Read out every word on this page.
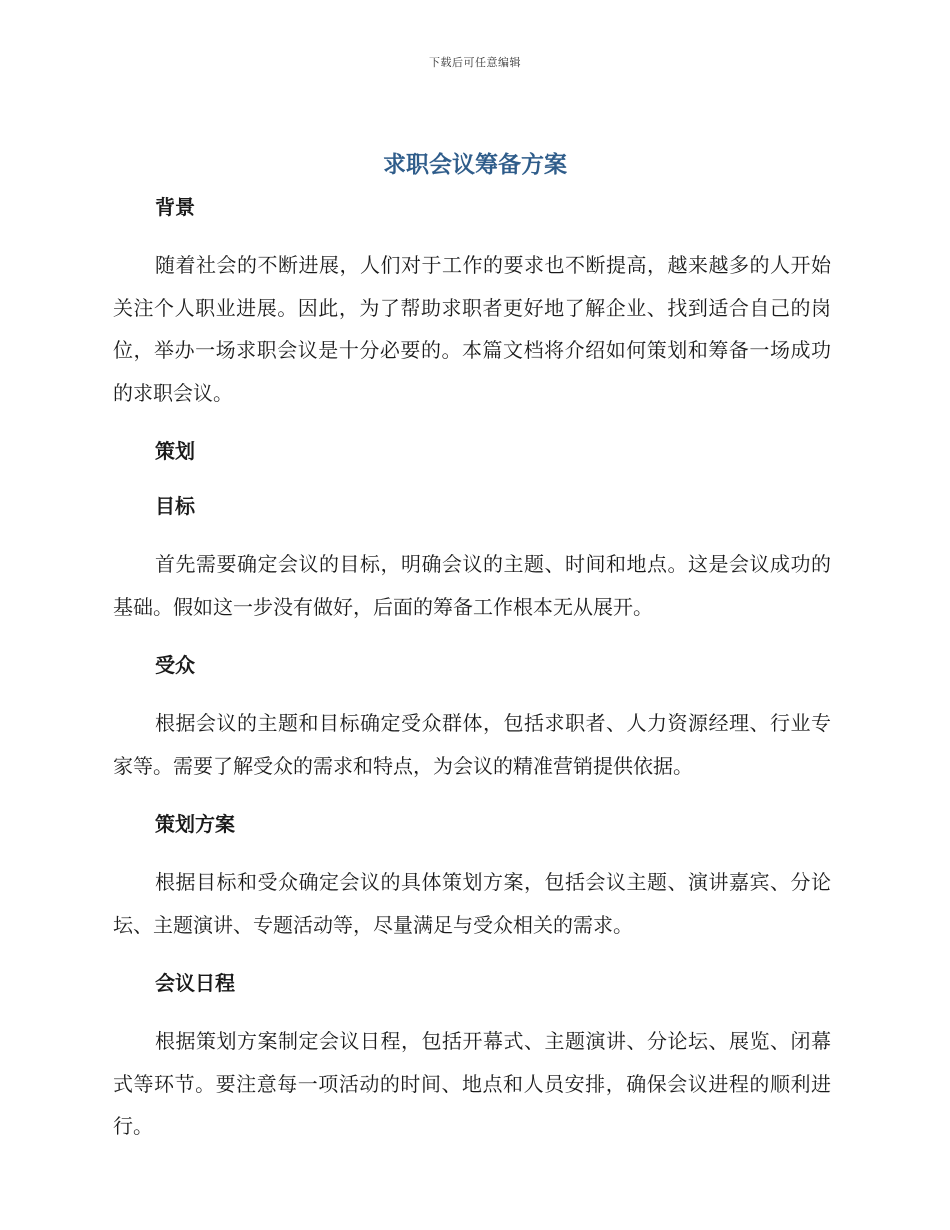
下载后可任意编辑
求职会议筹备方案
背景

随着社会的不断进展，人们对于工作的要求也不断提高，越来越多的人开始关注个人职业进展。因此，为了帮助求职者更好地了解企业、找到适合自己的岗位，举办一场求职会议是十分必要的。本篇文档将介绍如何策划和筹备一场成功的求职会议。

策划
目标

首先需要确定会议的目标，明确会议的主题、时间和地点。这是会议成功的基础。假如这一步没有做好，后面的筹备工作根本无从展开。

受众

根据会议的主题和目标确定受众群体，包括求职者、人力资源经理、行业专家等。需要了解受众的需求和特点，为会议的精准营销提供依据。

策划方案

根据目标和受众确定会议的具体策划方案，包括会议主题、演讲嘉宾、分论坛、主题演讲、专题活动等，尽量满足与受众相关的需求。

会议日程

根据策划方案制定会议日程，包括开幕式、主题演讲、分论坛、展览、闭幕式等环节。要注意每一项活动的时间、地点和人员安排，确保会议进程的顺利进行。
